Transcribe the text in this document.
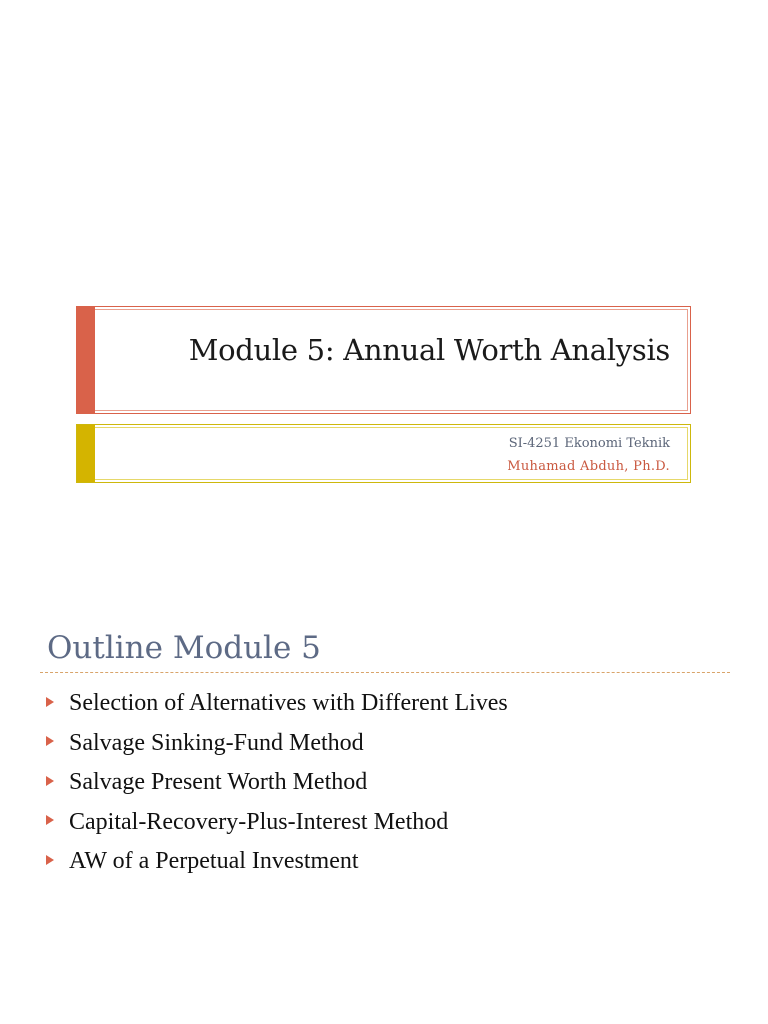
Module 5: Annual Worth Analysis
SI-4251 Ekonomi Teknik
Muhamad Abduh, Ph.D.
Outline Module 5
Selection of Alternatives with Different Lives
Salvage Sinking-Fund Method
Salvage Present Worth Method
Capital-Recovery-Plus-Interest Method
AW of a Perpetual Investment
